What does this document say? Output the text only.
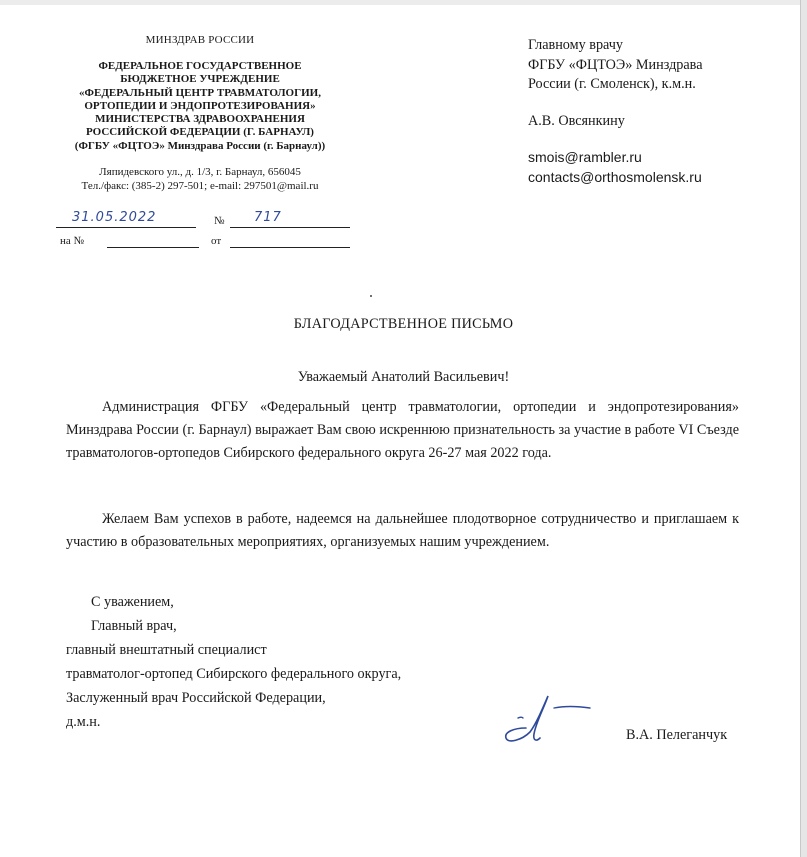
МИНЗДРАВ РОССИИ
ФЕДЕРАЛЬНОЕ ГОСУДАРСТВЕННОЕ
БЮДЖЕТНОЕ УЧРЕЖДЕНИЕ
«ФЕДЕРАЛЬНЫЙ ЦЕНТР ТРАВМАТОЛОГИИ,
ОРТОПЕДИИ И ЭНДОПРОТЕЗИРОВАНИЯ»
МИНИСТЕРСТВА ЗДРАВООХРАНЕНИЯ
РОССИЙСКОЙ ФЕДЕРАЦИИ (Г. БАРНАУЛ)
(ФГБУ «ФЦТОЭ» Минздрава России (г. Барнаул))
Ляпидевского ул., д. 1/3, г. Барнаул, 656045
Тел./факс: (385-2) 297-501; e-mail: 297501@mail.ru
31.05.2022	№ 717
на №	от
Главному врачу
ФГБУ «ФЦТОЭ» Минздрава
России (г. Смоленск), к.м.н.
А.В. Овсянкину
smois@rambler.ru
contacts@orthosmolensk.ru
БЛАГОДАРСТВЕННОЕ ПИСЬМО
Уважаемый Анатолий Васильевич!
Администрация ФГБУ «Федеральный центр травматологии, ортопедии и эндопротезирования» Минздрава России (г. Барнаул) выражает Вам свою искреннюю признательность за участие в работе VI Съезде травматологов-ортопедов Сибирского федерального округа 26-27 мая 2022 года.
Желаем Вам успехов в работе, надеемся на дальнейшее плодотворное сотрудничество и приглашаем к участию в образовательных мероприятиях, организуемых нашим учреждением.
С уважением,
Главный врач,
главный внештатный специалист
травматолог-ортопед Сибирского федерального округа,
Заслуженный врач Российской Федерации,
д.м.н.
В.А. Пелеганчук
